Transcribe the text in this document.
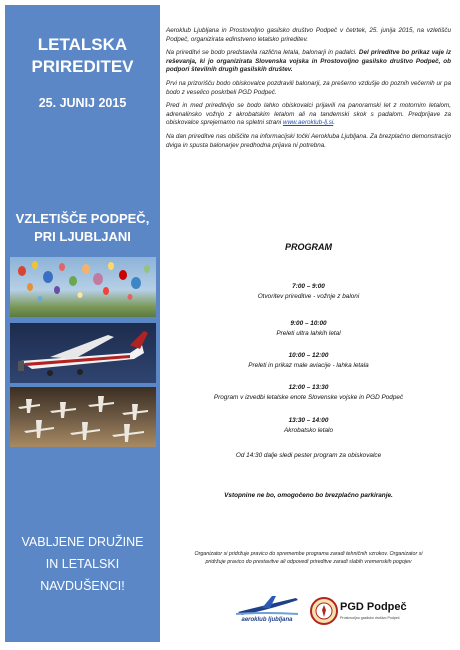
LETALSKA
PRIREDITEV
25. JUNIJ 2015
VZLETIŠČE PODPEČ,
PRI LJUBLJANI
VABLJENE DRUŽINE
IN LETALSKI
NAVDUŠENCI!

Aeroklub Ljubljana in Prostovoljno gasilsko društvo Podpeč v četrtek, 25. junija 2015, na vzletišču Podpeč, organizirata edinstveno letalsko prireditev.

Na prireditvi se bodo predstavila različna letala, balonarji in padalci. Del prireditve bo prikaz vaje iz reševanja, ki jo organizirata Slovenska vojska in Prostovoljno gasilsko društvo Podpeč, ob podpori številnih drugih gasilskih društev.

Prvi na prizorišču bodo obiskovalce pozdravili balonarji, za prešerno vzdušje do poznih večernih ur pa bodo z veselico poskrbeli PGD Podpeč.

Pred in med prireditvijo se bodo lahko obiskovalci prijavili na panoramski let z motornim letalom, adrenalinsko vožnjo z akrobatskim letalom ali na tandemski skok s padalom. Predprijave za obiskovalce sprejemamo na spletni strani www.aeroklub-lj.si.

Na dan prireditve nas obiščite na informacijski točki Aerokluba Ljubljana. Za brezplačno demonstracijo dviga in spusta balonarjev predhodna prijava ni potrebna.

PROGRAM
7:00 – 9:00
Otvoritev prireditve - vožnje z baloni
9:00 – 10:00
Preleti ultra lahkih letal
10:00 – 12:00
Preleti in prikaz male aviacije - lahka letala
12:00 – 13:30
Program v izvedbi letalske enote Slovenske vojske in PGD Podpeč
13:30 – 14:00
Akrobatsko letalo
Od 14:30 dalje sledi pester program za obiskovalce
Vstopnine ne bo, omogočeno bo brezplačno parkiranje.
Organizator si pridržuje pravico do spremembe programa zaradi tehničnih vzrokov. Organizator si
pridržuje pravico do prestavitve ali odpovedi prireditve zaradi slabih vremenskih pogojev
aeroklub ljubljana
PGD Podpeč
Prostovoljno gasilsko društvo Podpeč
